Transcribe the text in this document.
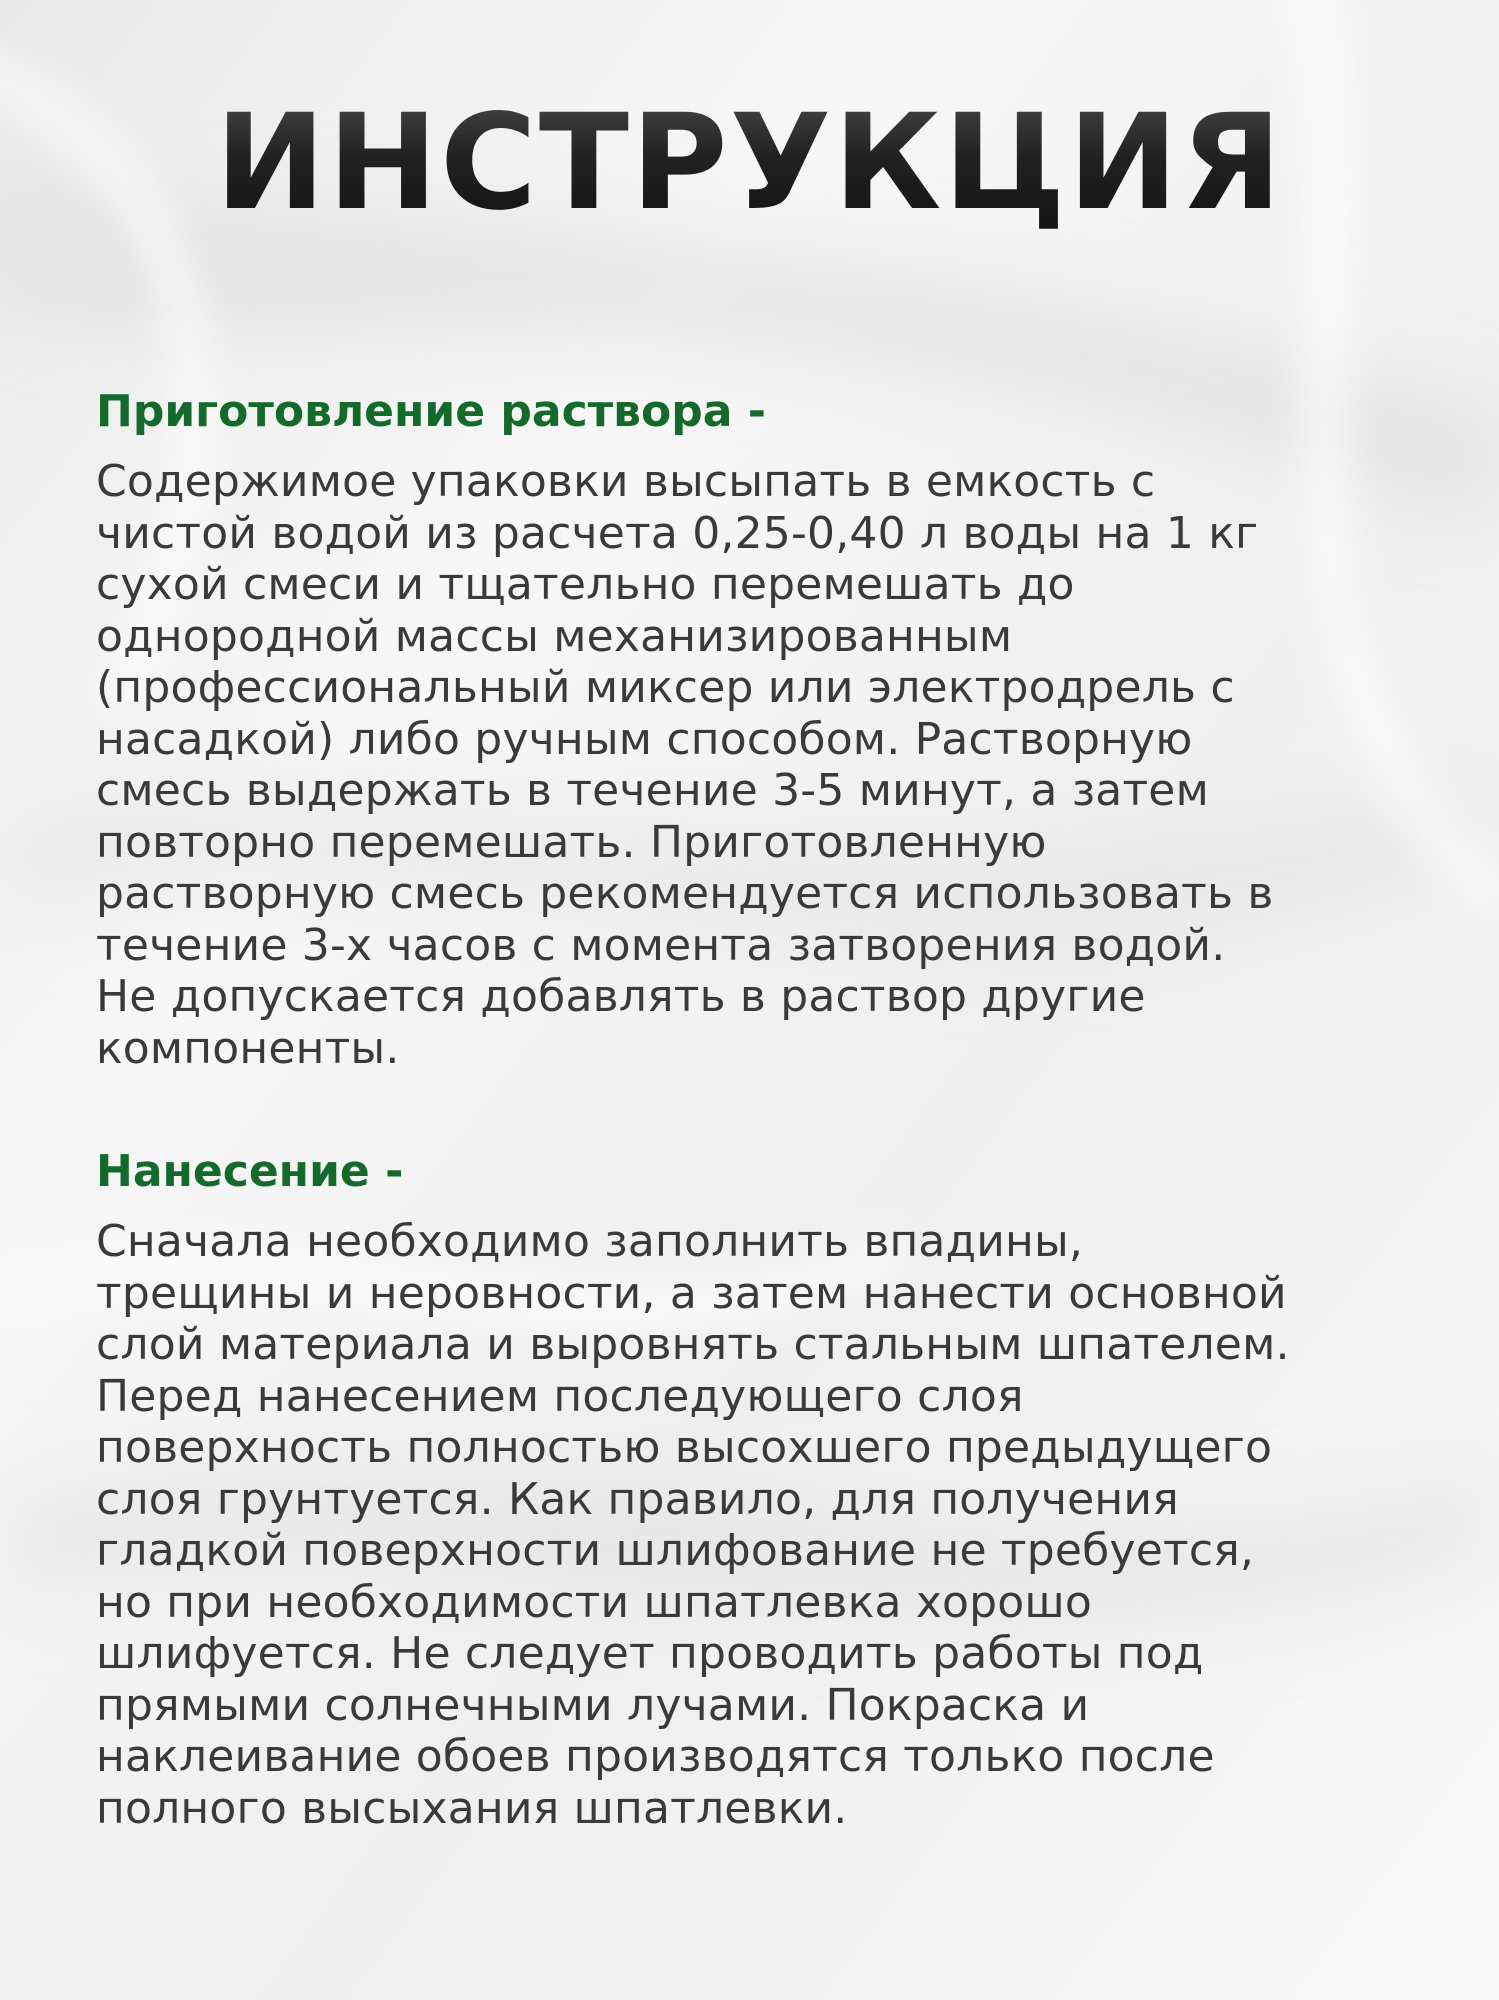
ИНСТРУКЦИЯ
Приготовление раствора -

Содержимое упаковки высыпать в емкость с
чистой водой из расчета 0,25-0,40 л воды на 1 кг
сухой смеси и тщательно перемешать до
однородной массы механизированным
(профессиональный миксер или электродрель с
насадкой) либо ручным способом. Растворную
смесь выдержать в течение 3-5 минут, а затем
повторно перемешать. Приготовленную
растворную смесь рекомендуется использовать в
течение 3-х часов с момента затворения водой.
Не допускается добавлять в раствор другие
компоненты.

Нанесение -

Сначала необходимо заполнить впадины,
трещины и неровности, а затем нанести основной
слой материала и выровнять стальным шпателем.
Перед нанесением последующего слоя
поверхность полностью высохшего предыдущего
слоя грунтуется. Как правило, для получения
гладкой поверхности шлифование не требуется,
но при необходимости шпатлевка хорошо
шлифуется. Не следует проводить работы под
прямыми солнечными лучами. Покраска и
наклеивание обоев производятся только после
полного высыхания шпатлевки.
